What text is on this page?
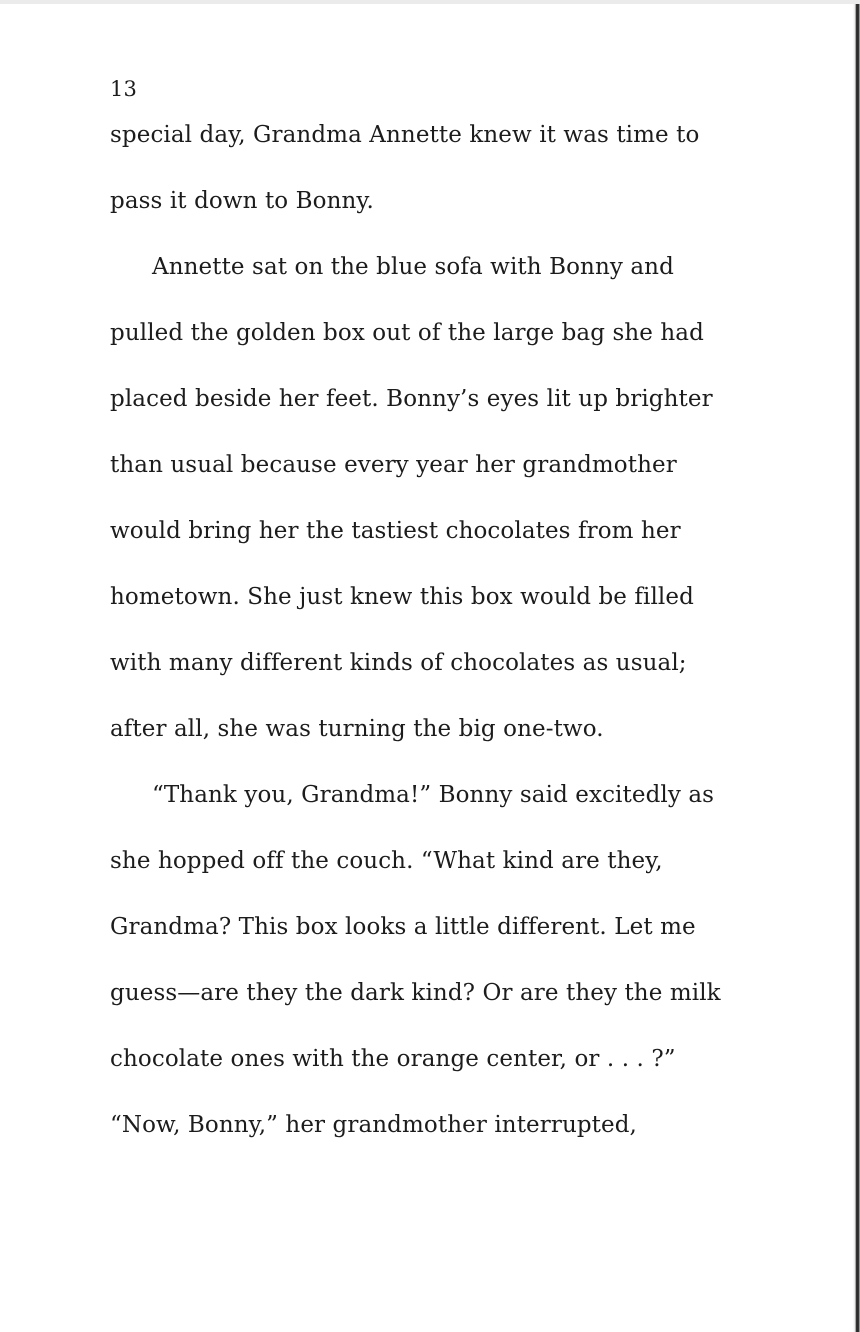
13
special day, Grandma Annette knew it was time to
pass it down to Bonny.
Annette sat on the blue sofa with Bonny and
pulled the golden box out of the large bag she had
placed beside her feet. Bonny’s eyes lit up brighter
than usual because every year her grandmother
would bring her the tastiest chocolates from her
hometown. She just knew this box would be filled
with many different kinds of chocolates as usual;
after all, she was turning the big one-two.
“Thank you, Grandma!” Bonny said excitedly as
she hopped off the couch. “What kind are they,
Grandma? This box looks a little different. Let me
guess—are they the dark kind? Or are they the milk
chocolate ones with the orange center, or . . . ?”
“Now, Bonny,” her grandmother interrupted,
